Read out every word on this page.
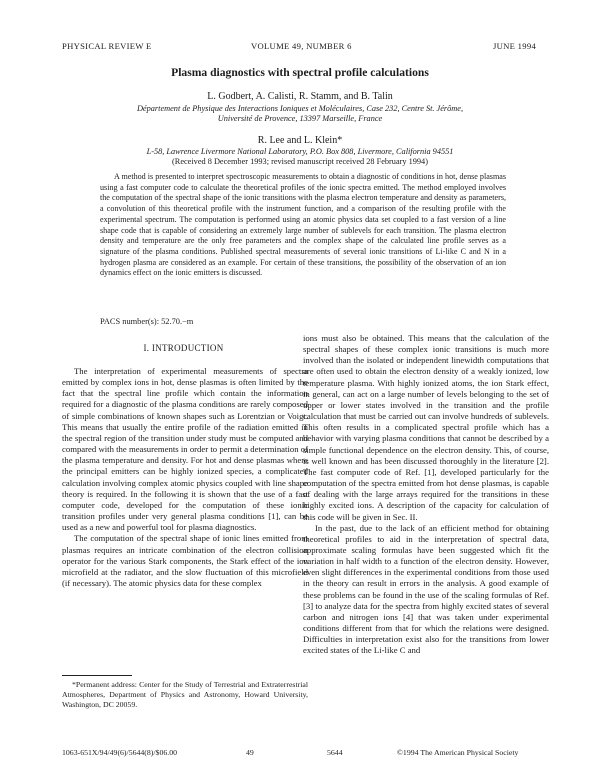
PHYSICAL REVIEW E	VOLUME 49, NUMBER 6	JUNE 1994
Plasma diagnostics with spectral profile calculations
L. Godbert, A. Calisti, R. Stamm, and B. Talin
Département de Physique des Interactions Ioniques et Moléculaires, Case 232, Centre St. Jérôme,
Université de Provence, 13397 Marseille, France
R. Lee and L. Klein*
L-58, Lawrence Livermore National Laboratory, P.O. Box 808, Livermore, California 94551
(Received 8 December 1993; revised manuscript received 28 February 1994)

A method is presented to interpret spectroscopic measurements to obtain a diagnostic of conditions in hot, dense plasmas using a fast computer code to calculate the theoretical profiles of the ionic spectra emitted. The method employed involves the computation of the spectral shape of the ionic transitions with the plasma electron temperature and density as parameters, a convolution of this theoretical profile with the instrument function, and a comparison of the resulting profile with the experimental spectrum. The computation is performed using an atomic physics data set coupled to a fast version of a line shape code that is capable of considering an extremely large number of sublevels for each transition. The plasma electron density and temperature are the only free parameters and the complex shape of the calculated line profile serves as a signature of the plasma conditions. Published spectral measurements of several ionic transitions of Li-like C and N in a hydrogen plasma are considered as an example. For certain of these transitions, the possibility of the observation of an ion dynamics effect on the ionic emitters is discussed.

PACS number(s): 52.70.−m
I. INTRODUCTION

The interpretation of experimental measurements of spectra emitted by complex ions in hot, dense plasmas is often limited by the fact that the spectral line profile which contain the information required for a diagnostic of the plasma conditions are rarely composed of simple combinations of known shapes such as Lorentzian or Voigt. This means that usually the entire profile of the radiation emitted in the spectral region of the transition under study must be computed and compared with the measurements in order to permit a determination of the plasma temperature and density. For hot and dense plasmas where the principal emitters can be highly ionized species, a complicated calculation involving complex atomic physics coupled with line shape theory is required. In the following it is shown that the use of a fast computer code, developed for the computation of these ionic transition profiles under very general plasma conditions [1], can be used as a new and powerful tool for plasma diagnostics.

The computation of the spectral shape of ionic lines emitted from plasmas requires an intricate combination of the electron collision operator for the various Stark components, the Stark effect of the ion microfield at the radiator, and the slow fluctuation of this microfield (if necessary). The atomic physics data for these complex

*Permanent address: Center for the Study of Terrestrial and Extraterrestrial Atmospheres, Department of Physics and Astronomy, Howard University, Washington, DC 20059.

ions must also be obtained. This means that the calculation of the spectral shapes of these complex ionic transitions is much more involved than the isolated or independent linewidth computations that are often used to obtain the electron density of a weakly ionized, low temperature plasma. With highly ionized atoms, the ion Stark effect, in general, can act on a large number of levels belonging to the set of upper or lower states involved in the transition and the profile calculation that must be carried out can involve hundreds of sublevels. This often results in a complicated spectral profile which has a behavior with varying plasma conditions that cannot be described by a simple functional dependence on the electron density. This, of course, is well known and has been discussed thoroughly in the literature [2]. The fast computer code of Ref. [1], developed particularly for the computation of the spectra emitted from hot dense plasmas, is capable of dealing with the large arrays required for the transitions in these highly excited ions. A description of the capacity for calculation of this code will be given in Sec. II.

In the past, due to the lack of an efficient method for obtaining theoretical profiles to aid in the interpretation of spectral data, approximate scaling formulas have been suggested which fit the variation in half width to a function of the electron density. However, even slight differences in the experimental conditions from those used in the theory can result in errors in the analysis. A good example of these problems can be found in the use of the scaling formulas of Ref. [3] to analyze data for the spectra from highly excited states of several carbon and nitrogen ions [4] that was taken under experimental conditions different from that for which the relations were designed. Difficulties in interpretation exist also for the transitions from lower excited states of the Li-like C and

1063-651X/94/49(6)/5644(8)/$06.00	49	5644	©1994 The American Physical Society
